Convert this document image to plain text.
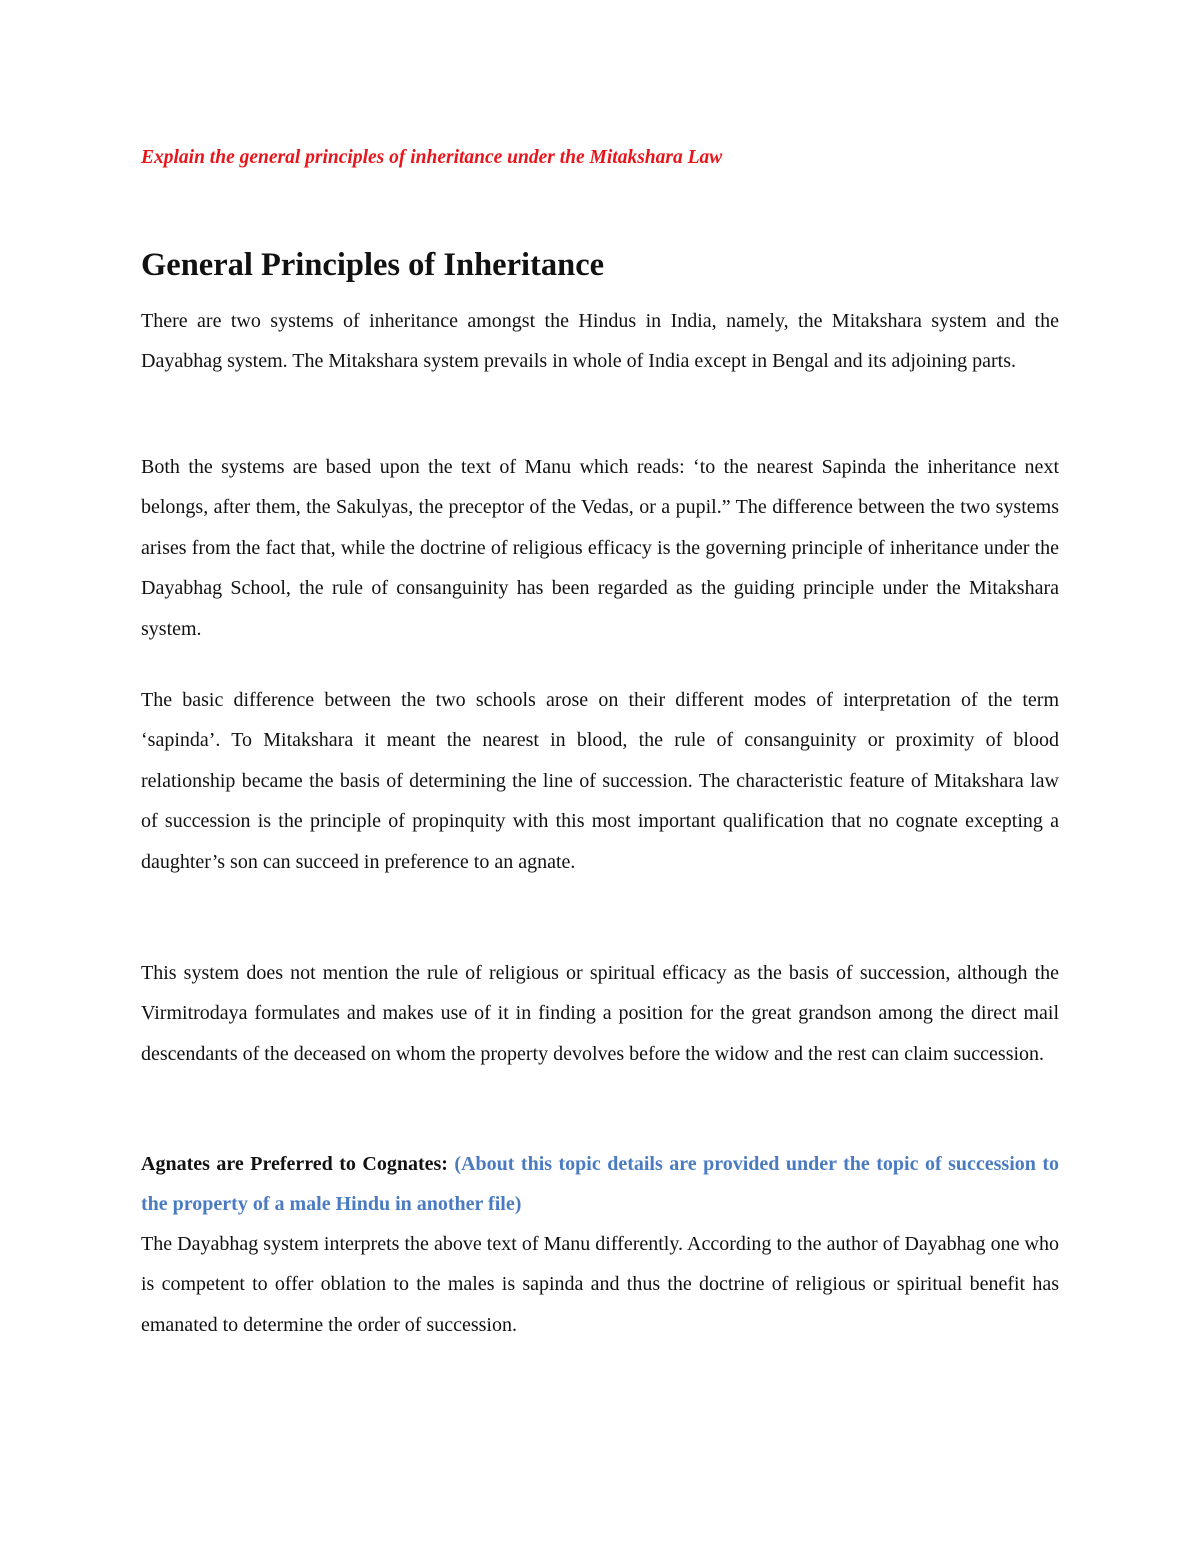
Explain the general principles of inheritance under the Mitakshara Law

General Principles of Inheritance

There are two systems of inheritance amongst the Hindus in India, namely, the Mitakshara system and the Dayabhag system. The Mitakshara system prevails in whole of India except in Bengal and its adjoining parts.

Both the systems are based upon the text of Manu which reads: ‘to the nearest Sapinda the inheritance next belongs, after them, the Sakulyas, the preceptor of the Vedas, or a pupil.” The difference between the two systems arises from the fact that, while the doctrine of religious efficacy is the governing principle of inheritance under the Dayabhag School, the rule of consanguinity has been regarded as the guiding principle under the Mitakshara system.

The basic difference between the two schools arose on their different modes of interpretation of the term ‘sapinda’. To Mitakshara it meant the nearest in blood, the rule of consanguinity or proximity of blood relationship became the basis of determining the line of succession. The characteristic feature of Mitakshara law of succession is the principle of propinquity with this most important qualification that no cognate excepting a daughter’s son can succeed in preference to an agnate.

This system does not mention the rule of religious or spiritual efficacy as the basis of succession, although the Virmitrodaya formulates and makes use of it in finding a position for the great grandson among the direct mail descendants of the deceased on whom the property devolves before the widow and the rest can claim succession.

Agnates are Preferred to Cognates: (About this topic details are provided under the topic of succession to the property of a male Hindu in another file)

The Dayabhag system interprets the above text of Manu differently. According to the author of Dayabhag one who is competent to offer oblation to the males is sapinda and thus the doctrine of religious or spiritual benefit has emanated to determine the order of succession.
